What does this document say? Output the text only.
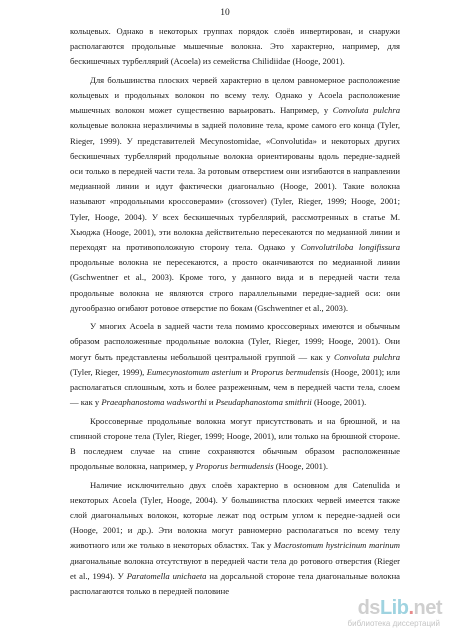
10

кольцевых. Однако в некоторых группах порядок слоёв инвертирован, и снаружи располагаются продольные мышечные волокна. Это характерно, например, для бескишечных турбеллярий (Acoela) из семейства Chilidiidae (Hooge, 2001).

Для большинства плоских червей характерно в целом равномерное расположение кольцевых и продольных волокон по всему телу. Однако у Acoela расположение мышечных волокон может существенно варьировать. Например, у Convoluta pulchra кольцевые волокна неразличимы в задней половине тела, кроме самого его конца (Tyler, Rieger, 1999). У представителей Mecynostomidae, «Convolutida» и некоторых других бескишечных турбеллярий продольные волокна ориентированы вдоль передне-задней оси только в передней части тела. За ротовым отверстием они изгибаются в направлении медианной линии и идут фактически диагонально (Hooge, 2001). Такие волокна называют «продольными кроссоверами» (crossover) (Tyler, Rieger, 1999; Hooge, 2001; Tyler, Hooge, 2004). У всех бескишечных турбеллярий, рассмотренных в статье М. Хьюджа (Hooge, 2001), эти волокна действительно пересекаются по медианной линии и переходят на противоположную сторону тела. Однако у Convolutriloba longifissura продольные волокна не пересекаются, а просто оканчиваются по медианной линии (Gschwentner et al., 2003). Кроме того, у данного вида и в передней части тела продольные волокна не являются строго параллельными передне-задней оси: они дугообразно огибают ротовое отверстие по бокам (Gschwentner et al., 2003).

У многих Acoela в задней части тела помимо кроссоверных имеются и обычным образом расположенные продольные волокна (Tyler, Rieger, 1999; Hooge, 2001). Они могут быть представлены небольшой центральной группой — как у Convoluta pulchra (Tyler, Rieger, 1999), Eumecynostomum asterium и Proporus bermudensis (Hooge, 2001); или располагаться сплошным, хоть и более разреженным, чем в передней части тела, слоем — как у Praeaphanostoma wadsworthi и Pseudaphanostoma smithrii (Hooge, 2001).

Кроссоверные продольные волокна могут присутствовать и на брюшной, и на спинной стороне тела (Tyler, Rieger, 1999; Hooge, 2001), или только на брюшной стороне. В последнем случае на спине сохраняются обычным образом расположенные продольные волокна, например, у Proporus bermudensis (Hooge, 2001).

Наличие исключительно двух слоёв характерно в основном для Catenulida и некоторых Acoela (Tyler, Hooge, 2004). У большинства плоских червей имеется также слой диагональных волокон, которые лежат под острым углом к передне-задней оси (Hooge, 2001; и др.). Эти волокна могут равномерно располагаться по всему телу животного или же только в некоторых областях. Так у Macrostomum hystricinum marinum диагональные волокна отсутствуют в передней части тела до ротового отверстия (Rieger et al., 1994). У Paratomella unichaeta на дорсальной стороне тела диагональные волокна располагаются только в передней половине

dsLib.net
библиотека диссертаций
